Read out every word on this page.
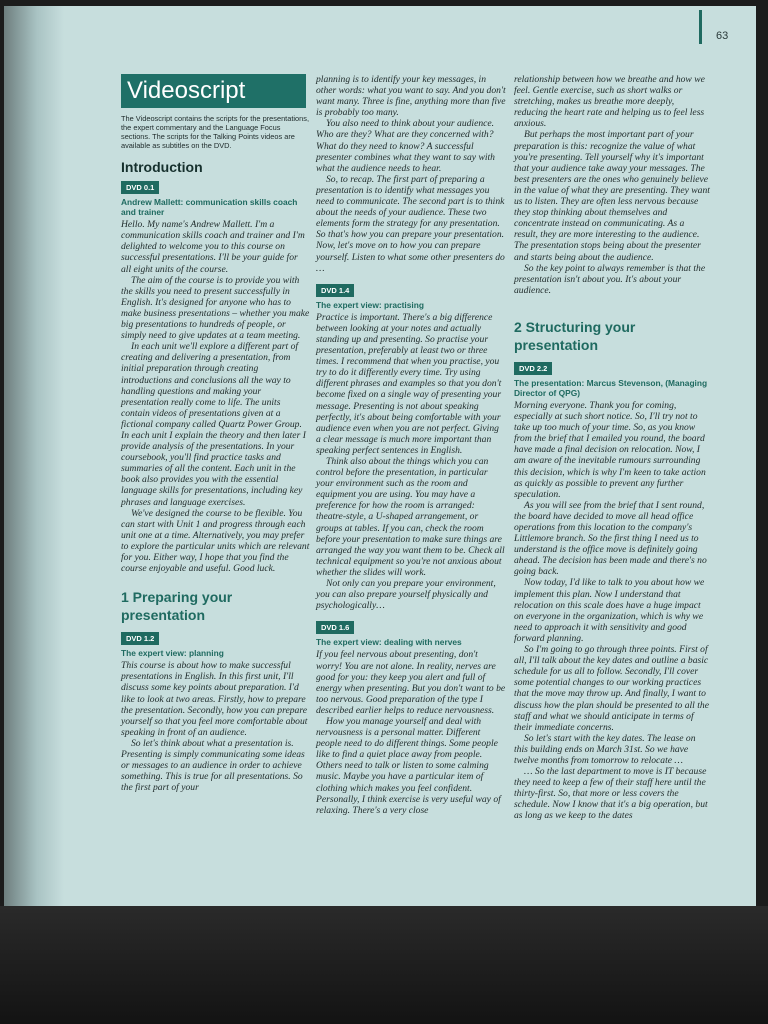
63
Videoscript
The Videoscript contains the scripts for the presentations, the expert commentary and the Language Focus sections. The scripts for the Talking Points videos are available as subtitles on the DVD.
Introduction
DVD 0.1
Andrew Mallett: communication skills coach and trainer

Hello. My name's Andrew Mallett. I'm a communication skills coach and trainer and I'm delighted to welcome you to this course on successful presentations. I'll be your guide for all eight units of the course.

The aim of the course is to provide you with the skills you need to present successfully in English. It's designed for anyone who has to make business presentations – whether you make big presentations to hundreds of people, or simply need to give updates at a team meeting.

In each unit we'll explore a different part of creating and delivering a presentation, from initial preparation through creating introductions and conclusions all the way to handling questions and making your presentation really come to life. The units contain videos of presentations given at a fictional company called Quartz Power Group. In each unit I explain the theory and then later I provide analysis of the presentations. In your coursebook, you'll find practice tasks and summaries of all the content. Each unit in the book also provides you with the essential language skills for presentations, including key phrases and language exercises.

We've designed the course to be flexible. You can start with Unit 1 and progress through each unit one at a time. Alternatively, you may prefer to explore the particular units which are relevant for you. Either way, I hope that you find the course enjoyable and useful. Good luck.

1 Preparing your presentation
DVD 1.2
The expert view: planning

This course is about how to make successful presentations in English. In this first unit, I'll discuss some key points about preparation. I'd like to look at two areas. Firstly, how to prepare the presentation. Secondly, how you can prepare yourself so that you feel more comfortable about speaking in front of an audience.

So let's think about what a presentation is. Presenting is simply communicating some ideas or messages to an audience in order to achieve something. This is true for all presentations. So the first part of your

planning is to identify your key messages, in other words: what you want to say. And you don't want many. Three is fine, anything more than five is probably too many.

You also need to think about your audience. Who are they? What are they concerned with? What do they need to know? A successful presenter combines what they want to say with what the audience needs to hear.

So, to recap. The first part of preparing a presentation is to identify what messages you need to communicate. The second part is to think about the needs of your audience. These two elements form the strategy for any presentation. So that's how you can prepare your presentation. Now, let's move on to how you can prepare yourself. Listen to what some other presenters do …

DVD 1.4
The expert view: practising

Practice is important. There's a big difference between looking at your notes and actually standing up and presenting. So practise your presentation, preferably at least two or three times. I recommend that when you practise, you try to do it differently every time. Try using different phrases and examples so that you don't become fixed on a single way of presenting your message. Presenting is not about speaking perfectly, it's about being comfortable with your audience even when you are not perfect. Giving a clear message is much more important than speaking perfect sentences in English.

Think also about the things which you can control before the presentation, in particular your environment such as the room and equipment you are using. You may have a preference for how the room is arranged: theatre-style, a U-shaped arrangement, or groups at tables. If you can, check the room before your presentation to make sure things are arranged the way you want them to be. Check all technical equipment so you're not anxious about whether the slides will work.

Not only can you prepare your environment, you can also prepare yourself physically and psychologically…

DVD 1.6
The expert view: dealing with nerves

If you feel nervous about presenting, don't worry! You are not alone. In reality, nerves are good for you: they keep you alert and full of energy when presenting. But you don't want to be too nervous. Good preparation of the type I described earlier helps to reduce nervousness.

How you manage yourself and deal with nervousness is a personal matter. Different people need to do different things. Some people like to find a quiet place away from people. Others need to talk or listen to some calming music. Maybe you have a particular item of clothing which makes you feel confident. Personally, I think exercise is very useful way of relaxing. There's a very close

relationship between how we breathe and how we feel. Gentle exercise, such as short walks or stretching, makes us breathe more deeply, reducing the heart rate and helping us to feel less anxious.

But perhaps the most important part of your preparation is this: recognize the value of what you're presenting. Tell yourself why it's important that your audience take away your messages. The best presenters are the ones who genuinely believe in the value of what they are presenting. They want us to listen. They are often less nervous because they stop thinking about themselves and concentrate instead on communicating. As a result, they are more interesting to the audience. The presentation stops being about the presenter and starts being about the audience.

So the key point to always remember is that the presentation isn't about you. It's about your audience.

2 Structuring your presentation
DVD 2.2
The presentation: Marcus Stevenson, (Managing Director of QPG)

Morning everyone. Thank you for coming, especially at such short notice. So, I'll try not to take up too much of your time. So, as you know from the brief that I emailed you round, the board have made a final decision on relocation. Now, I am aware of the inevitable rumours surrounding this decision, which is why I'm keen to take action as quickly as possible to prevent any further speculation.

As you will see from the brief that I sent round, the board have decided to move all head office operations from this location to the company's Littlemore branch. So the first thing I need us to understand is the office move is definitely going ahead. The decision has been made and there's no going back.

Now today, I'd like to talk to you about how we implement this plan. Now I understand that relocation on this scale does have a huge impact on everyone in the organization, which is why we need to approach it with sensitivity and good forward planning.

So I'm going to go through three points. First of all, I'll talk about the key dates and outline a basic schedule for us all to follow. Secondly, I'll cover some potential changes to our working practices that the move may throw up. And finally, I want to discuss how the plan should be presented to all the staff and what we should anticipate in terms of their immediate concerns.

So let's start with the key dates. The lease on this building ends on March 31st. So we have twelve months from tomorrow to relocate …

… So the last department to move is IT because they need to keep a few of their staff here until the thirty-first. So, that more or less covers the schedule. Now I know that it's a big operation, but as long as we keep to the dates
